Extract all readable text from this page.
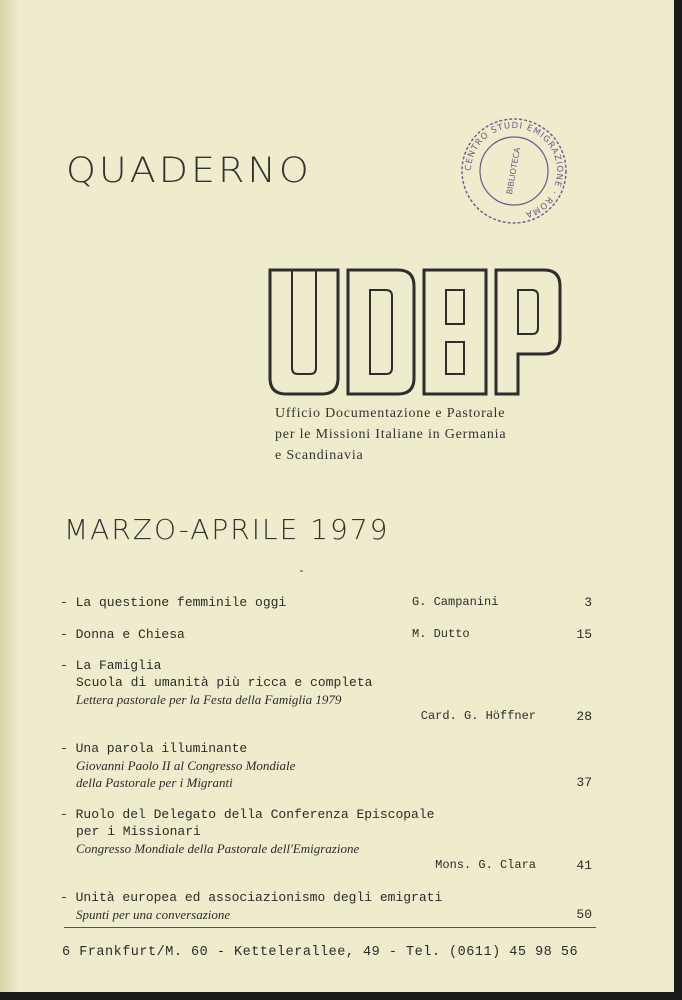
QUADERNO	CENTRO STUDI EMIGRAZIONE · ROMA
BIBLIOTECA

Ufficio Documentazione e Pastorale
per le Missioni Italiane in Germania
e Scandinavia

MARZO-APRILE 1979
- La questione femminile oggi	G. Campanini	3
- Donna e Chiesa	M. Dutto	15
- La Famiglia
Scuola di umanità più ricca e completa
Lettera pastorale per la Festa della Famiglia 1979
Card. G. Höffner	28
- Una parola illuminante
Giovanni Paolo II al Congresso Mondiale
della Pastorale per i Migranti	37
- Ruolo del Delegato della Conferenza Episcopale
per i Missionari
Congresso Mondiale della Pastorale dell'Emigrazione
Mons. G. Clara	41
- Unità europea ed associazionismo degli emigrati
Spunti per una conversazione	50

6 Frankfurt/M. 60 - Kettelerallee, 49 - Tel. (0611) 45 98 56
